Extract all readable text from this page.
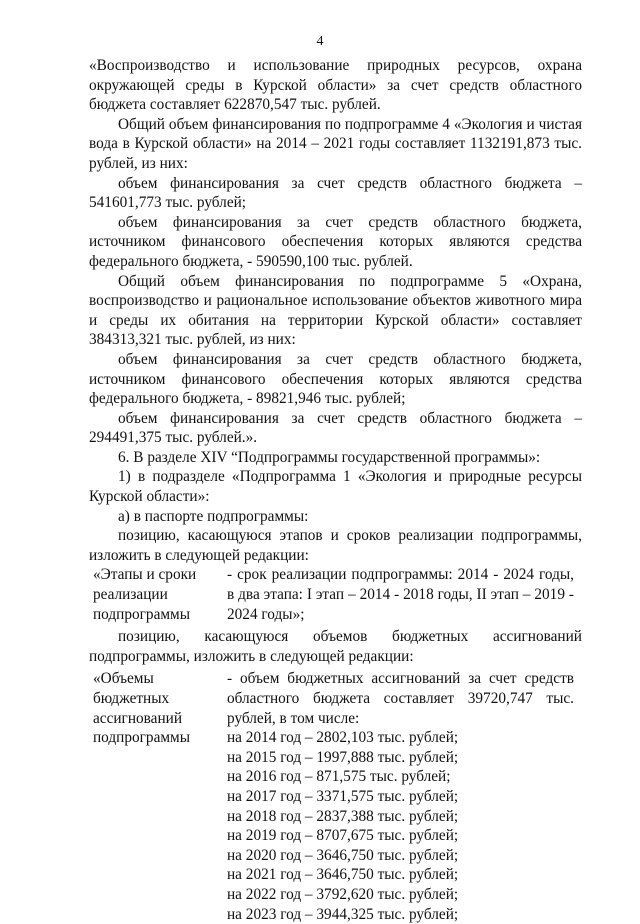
4

«Воспроизводство и использование природных ресурсов, охрана окружающей среды в Курской области» за счет средств областного бюджета составляет 622870,547 тыс. рублей.

Общий объем финансирования по подпрограмме 4 «Экология и чистая вода в Курской области» на 2014 – 2021 годы составляет 1132191,873 тыс. рублей, из них:

объем финансирования за счет средств областного бюджета – 541601,773 тыс. рублей;

объем финансирования за счет средств областного бюджета, источником финансового обеспечения которых являются средства федерального бюджета, - 590590,100 тыс. рублей.

Общий объем финансирования по подпрограмме 5 «Охрана, воспроизводство и рациональное использование объектов животного мира и среды их обитания на территории Курской области» составляет 384313,321 тыс. рублей, из них:

объем финансирования за счет средств областного бюджета, источником финансового обеспечения которых являются средства федерального бюджета, - 89821,946 тыс. рублей;

объем финансирования за счет средств областного бюджета – 294491,375 тыс. рублей.».

6. В разделе XIV “Подпрограммы государственной программы»:

1) в подразделе «Подпрограмма 1 «Экология и природные ресурсы Курской области»:

а) в паспорте подпрограммы:

позицию, касающуюся этапов и сроков реализации подпрограммы, изложить в следующей редакции:

«Этапы и сроки реализации подпрограммы

- срок реализации подпрограммы: 2014 - 2024 годы, в два этапа: I этап – 2014 - 2018 годы, II этап – 2019 - 2024 годы»;

позицию, касающуюся объемов бюджетных ассигнований подпрограммы, изложить в следующей редакции:

«Объемы бюджетных ассигнований подпрограммы

- объем бюджетных ассигнований за счет средств областного бюджета составляет 39720,747 тыс. рублей, в том числе:

на 2014 год – 2802,103 тыс. рублей;
на 2015 год – 1997,888 тыс. рублей;
на 2016 год – 871,575 тыс. рублей;
на 2017 год – 3371,575 тыс. рублей;
на 2018 год – 2837,388 тыс. рублей;
на 2019 год – 8707,675 тыс. рублей;
на 2020 год – 3646,750 тыс. рублей;
на 2021 год – 3646,750 тыс. рублей;
на 2022 год – 3792,620 тыс. рублей;
на 2023 год – 3944,325 тыс. рублей;
